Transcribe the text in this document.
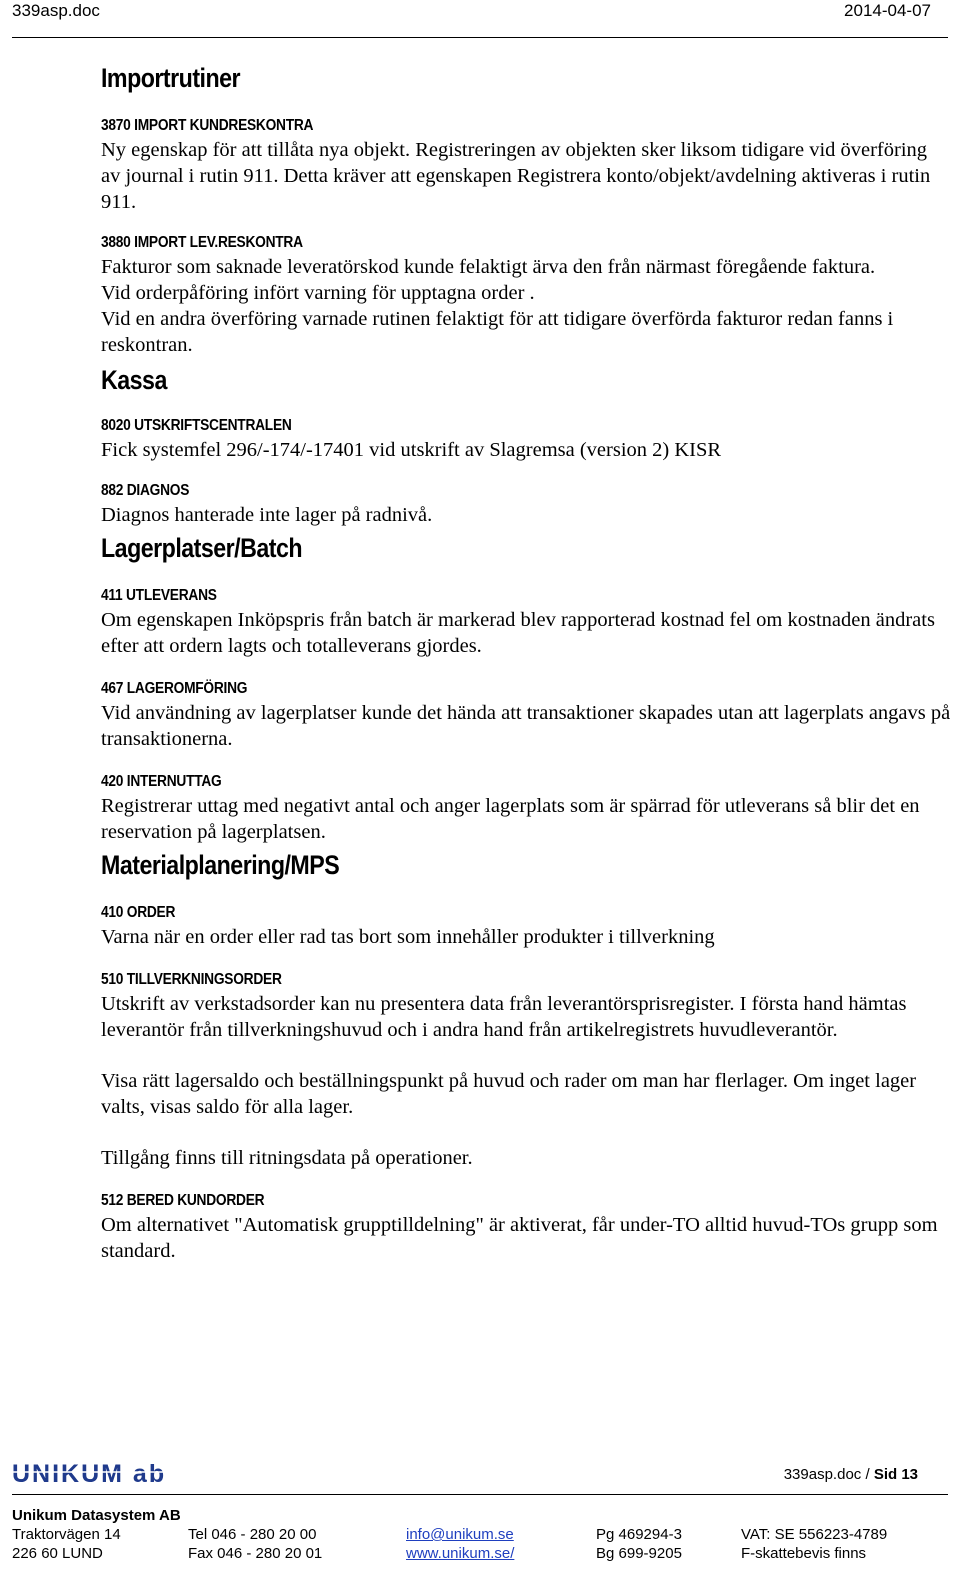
339asp.doc	2014-04-07
Importrutiner
3870 IMPORT KUNDRESKONTRA
Ny egenskap för att tillåta nya objekt. Registreringen av objekten sker liksom tidigare vid överföring av journal i rutin 911. Detta kräver att egenskapen Registrera konto/objekt/avdelning aktiveras i rutin 911.
3880 IMPORT LEV.RESKONTRA
Fakturor som saknade leveratörskod kunde felaktigt ärva den från närmast föregående faktura.
Vid orderpåföring infört varning för upptagna order .
Vid en andra överföring varnade rutinen felaktigt för att tidigare överförda fakturor redan fanns i reskontran.
Kassa
8020 UTSKRIFTSCENTRALEN
Fick systemfel 296/-174/-17401 vid utskrift av Slagremsa (version 2) KISR
882 DIAGNOS
Diagnos hanterade inte lager på radnivå.
Lagerplatser/Batch
411 UTLEVERANS
Om egenskapen Inköpspris från batch är markerad blev rapporterad kostnad fel om kostnaden ändrats efter att ordern lagts och totalleverans gjordes.
467 LAGEROMFÖRING
Vid användning av lagerplatser kunde det hända att transaktioner skapades utan att lagerplats angavs på transaktionerna.
420 INTERNUTTAG
Registrerar uttag med negativt antal och anger lagerplats som är spärrad för utleverans så blir det en reservation på lagerplatsen.
Materialplanering/MPS
410 ORDER
Varna när en order eller rad tas bort som innehåller produkter i tillverkning
510 TILLVERKNINGSORDER
Utskrift av verkstadsorder kan nu presentera data från leverantörsprisregister. I första hand hämtas leverantör från tillverkningshuvud och i andra hand från artikelregistrets huvudleverantör.
Visa rätt lagersaldo och beställningspunkt på huvud och rader om man har flerlager. Om inget lager valts, visas saldo för alla lager.
Tillgång finns till ritningsdata på operationer.
512 BERED KUNDORDER
Om alternativet "Automatisk grupptilldelning" är aktiverat, får under-TO alltid huvud-TOs grupp som standard.
UNIKUM ab	339asp.doc / Sid 13
Unikum Datasystem AB
Traktorvägen 14
226 60 LUND
Tel 046 - 280 20 00
Fax 046 - 280 20 01
info@unikum.se
www.unikum.se/
Pg 469294-3
Bg 699-9205
VAT: SE 556223-4789
F-skattebevis finns
